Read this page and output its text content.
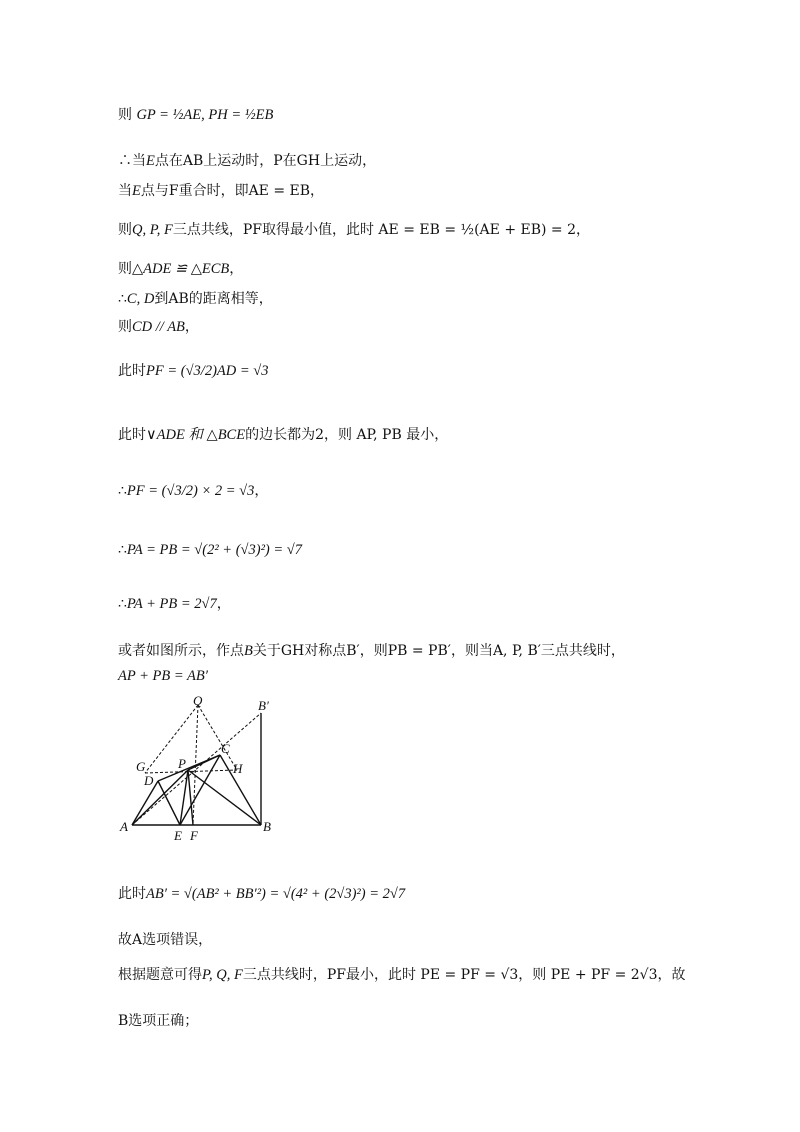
则 GP = ½AE, PH = ½EB
∴当E点在AB上运动时，P在GH上运动，
当E点与F重合时，即AE = EB，
则Q, P, F三点共线，PF取得最小值，此时 AE = EB = ½(AE + EB) = 2，
则△ADE ≌ △ECB，
∴C, D到AB的距离相等，
则CD // AB，
此时PF = (√3/2)AD = √3
此时∨ADE 和 △BCE的边长都为2，则 AP, PB 最小，
∴PF = (√3/2) × 2 = √3，
∴PA = PB = √(2² + (√3)²) = √7
∴PA + PB = 2√7，
或者如图所示，作点B关于GH对称点B′，则PB = PB′，则当A, P, B′三点共线时，
AP + PB = AB′
Q	B′
C
G	P	H
D
A
E F
B
此时AB′ = √(AB² + BB′²) = √(4² + (2√3)²) = 2√7
故A选项错误，
根据题意可得P, Q, F三点共线时，PF最小，此时 PE = PF = √3，则 PE + PF = 2√3，故
B选项正确；
